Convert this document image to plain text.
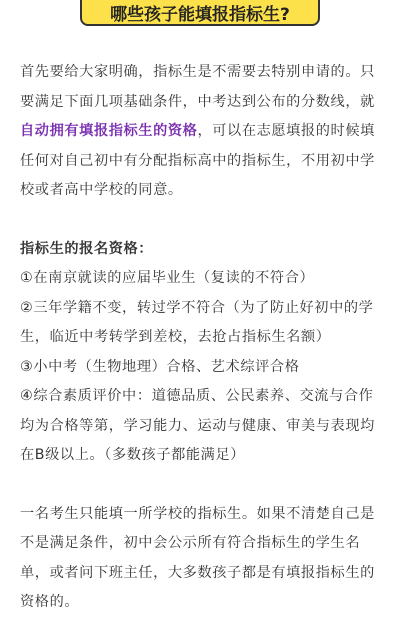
哪些孩子能填报指标生?

首先要给大家明确，指标生是不需要去特别申请的。只要满足下面几项基础条件，中考达到公布的分数线，就自动拥有填报指标生的资格，可以在志愿填报的时候填任何对自己初中有分配指标高中的指标生，不用初中学校或者高中学校的同意。

指标生的报名资格：

①在南京就读的应届毕业生（复读的不符合）

②三年学籍不变，转过学不符合（为了防止好初中的学生，临近中考转学到差校，去抢占指标生名额）

③小中考（生物地理）合格、艺术综评合格

④综合素质评价中：道德品质、公民素养、交流与合作均为合格等第，学习能力、运动与健康、审美与表现均在B级以上。（多数孩子都能满足）

一名考生只能填一所学校的指标生。如果不清楚自己是不是满足条件，初中会公示所有符合指标生的学生名单，或者问下班主任，大多数孩子都是有填报指标生的资格的。
